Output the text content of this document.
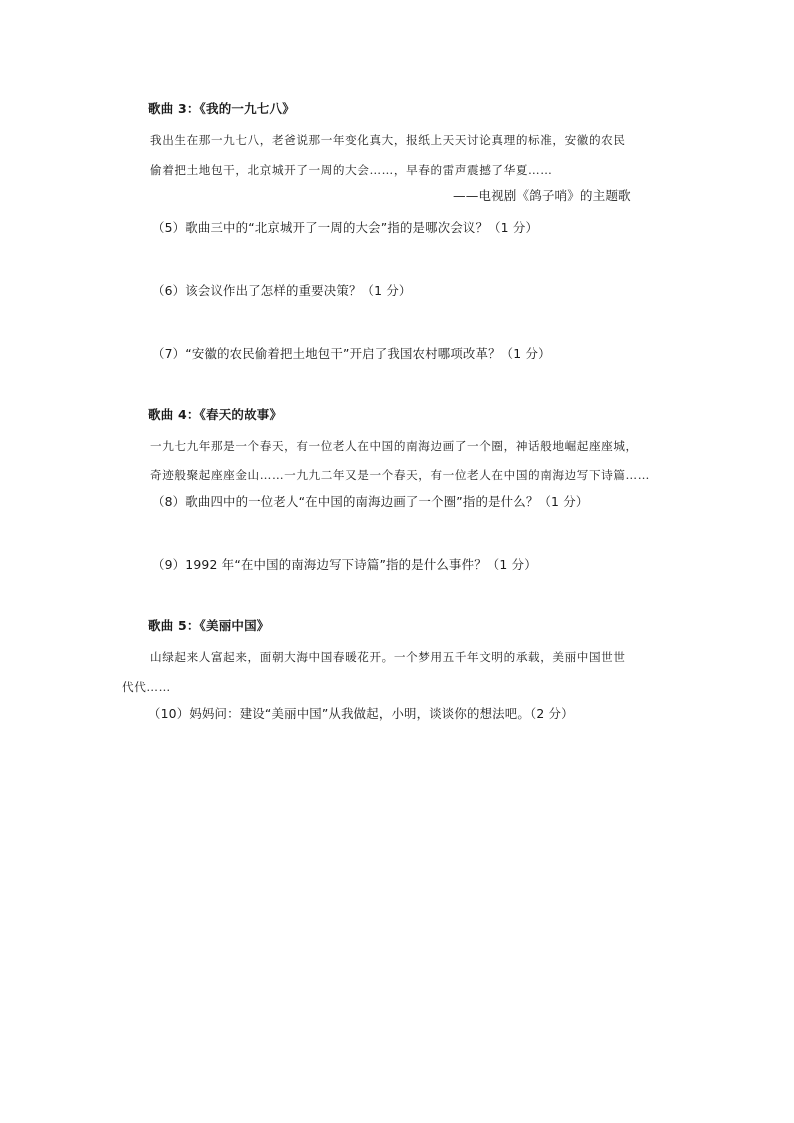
歌曲 3：《我的一九七八》
我出生在那一九七八，老爸说那一年变化真大，报纸上天天讨论真理的标准，安徽的农民
偷着把土地包干，北京城开了一周的大会……，早春的雷声震撼了华夏……
——电视剧《鸽子哨》的主题歌
（5）歌曲三中的“北京城开了一周的大会”指的是哪次会议？（1 分）
（6）该会议作出了怎样的重要决策？（1 分）
（7）“安徽的农民偷着把土地包干”开启了我国农村哪项改革？（1 分）
歌曲 4：《春天的故事》
一九七九年那是一个春天，有一位老人在中国的南海边画了一个圈，神话般地崛起座座城，
奇迹般聚起座座金山……一九九二年又是一个春天，有一位老人在中国的南海边写下诗篇……
（8）歌曲四中的一位老人“在中国的南海边画了一个圈”指的是什么？（1 分）
（9）1992 年“在中国的南海边写下诗篇”指的是什么事件？（1 分）
歌曲 5：《美丽中国》
山绿起来人富起来，面朝大海中国春暖花开。一个梦用五千年文明的承载，美丽中国世世
代代……
（10）妈妈问：建设“美丽中国”从我做起，小明，谈谈你的想法吧。（2 分）
